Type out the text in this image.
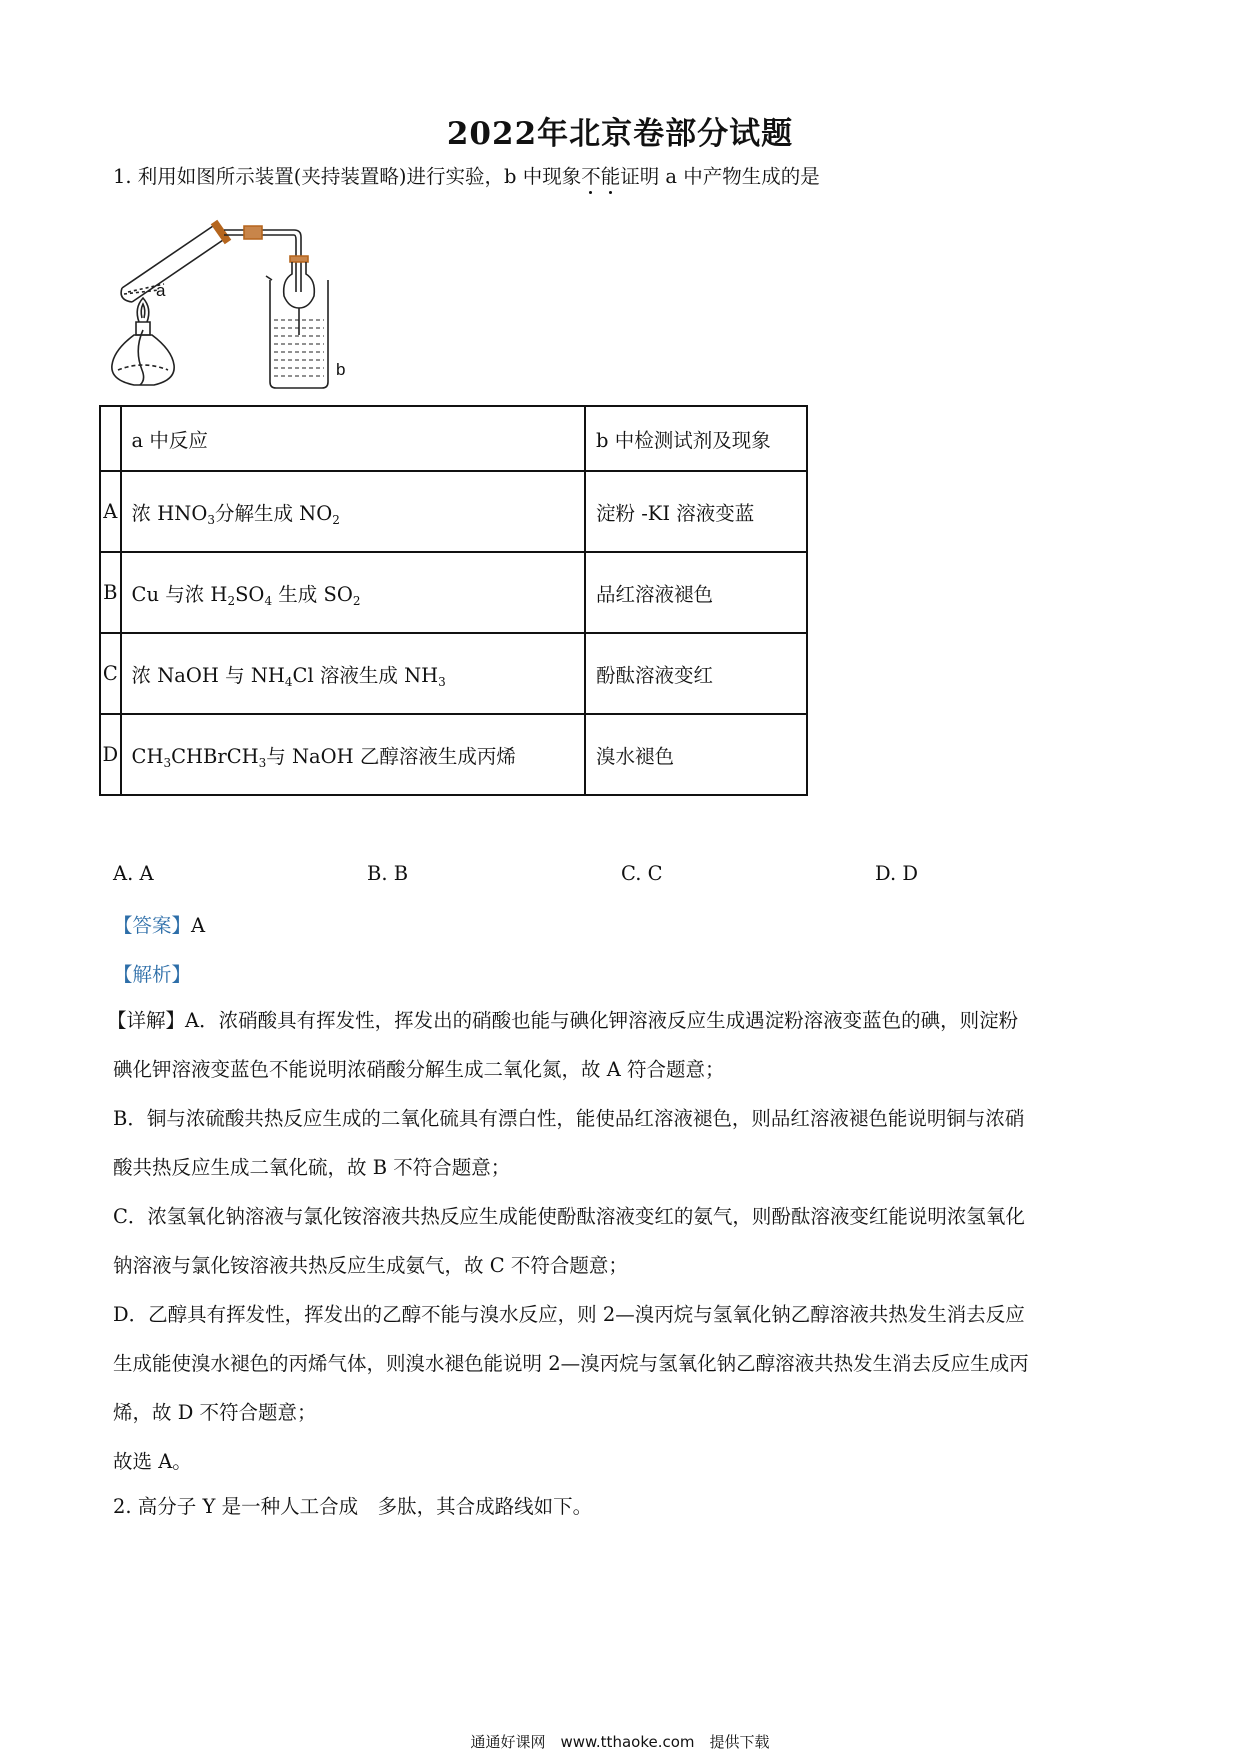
2022年北京卷部分试题
1. 利用如图所示装置(夹持装置略)进行实验，b 中现象不能证明 a 中产物生成的是
a
b
	a 中反应	b 中检测试剂及现象
A	浓 $HNO_3$分解生成 $NO_2$	淀粉 -KI 溶液变蓝
B	Cu 与浓 $H_2SO_4$ 生成 $SO_2$	品红溶液褪色
C	浓 NaOH 与 $NH_4Cl$ 溶液生成 $NH_3$	酚酞溶液变红
D	$CH_3CHBrCH_3$与 NaOH 乙醇溶液生成丙烯	溴水褪色
A. A	B. B	C. C	D. D
【答案】A
【解析】
【详解】A．浓硝酸具有挥发性，挥发出的硝酸也能与碘化钾溶液反应生成遇淀粉溶液变蓝色的碘，则淀粉
碘化钾溶液变蓝色不能说明浓硝酸分解生成二氧化氮，故 A 符合题意；
B．铜与浓硫酸共热反应生成的二氧化硫具有漂白性，能使品红溶液褪色，则品红溶液褪色能说明铜与浓硝
酸共热反应生成二氧化硫，故 B 不符合题意；
C．浓氢氧化钠溶液与氯化铵溶液共热反应生成能使酚酞溶液变红的氨气，则酚酞溶液变红能说明浓氢氧化
钠溶液与氯化铵溶液共热反应生成氨气，故 C 不符合题意；
D．乙醇具有挥发性，挥发出的乙醇不能与溴水反应，则 2—溴丙烷与氢氧化钠乙醇溶液共热发生消去反应
生成能使溴水褪色的丙烯气体，则溴水褪色能说明 2—溴丙烷与氢氧化钠乙醇溶液共热发生消去反应生成丙
烯，故 D 不符合题意；
故选 A。
2. 高分子 Y 是一种人工合成　多肽，其合成路线如下。
通通好课网　www.tthaoke.com　提供下载
